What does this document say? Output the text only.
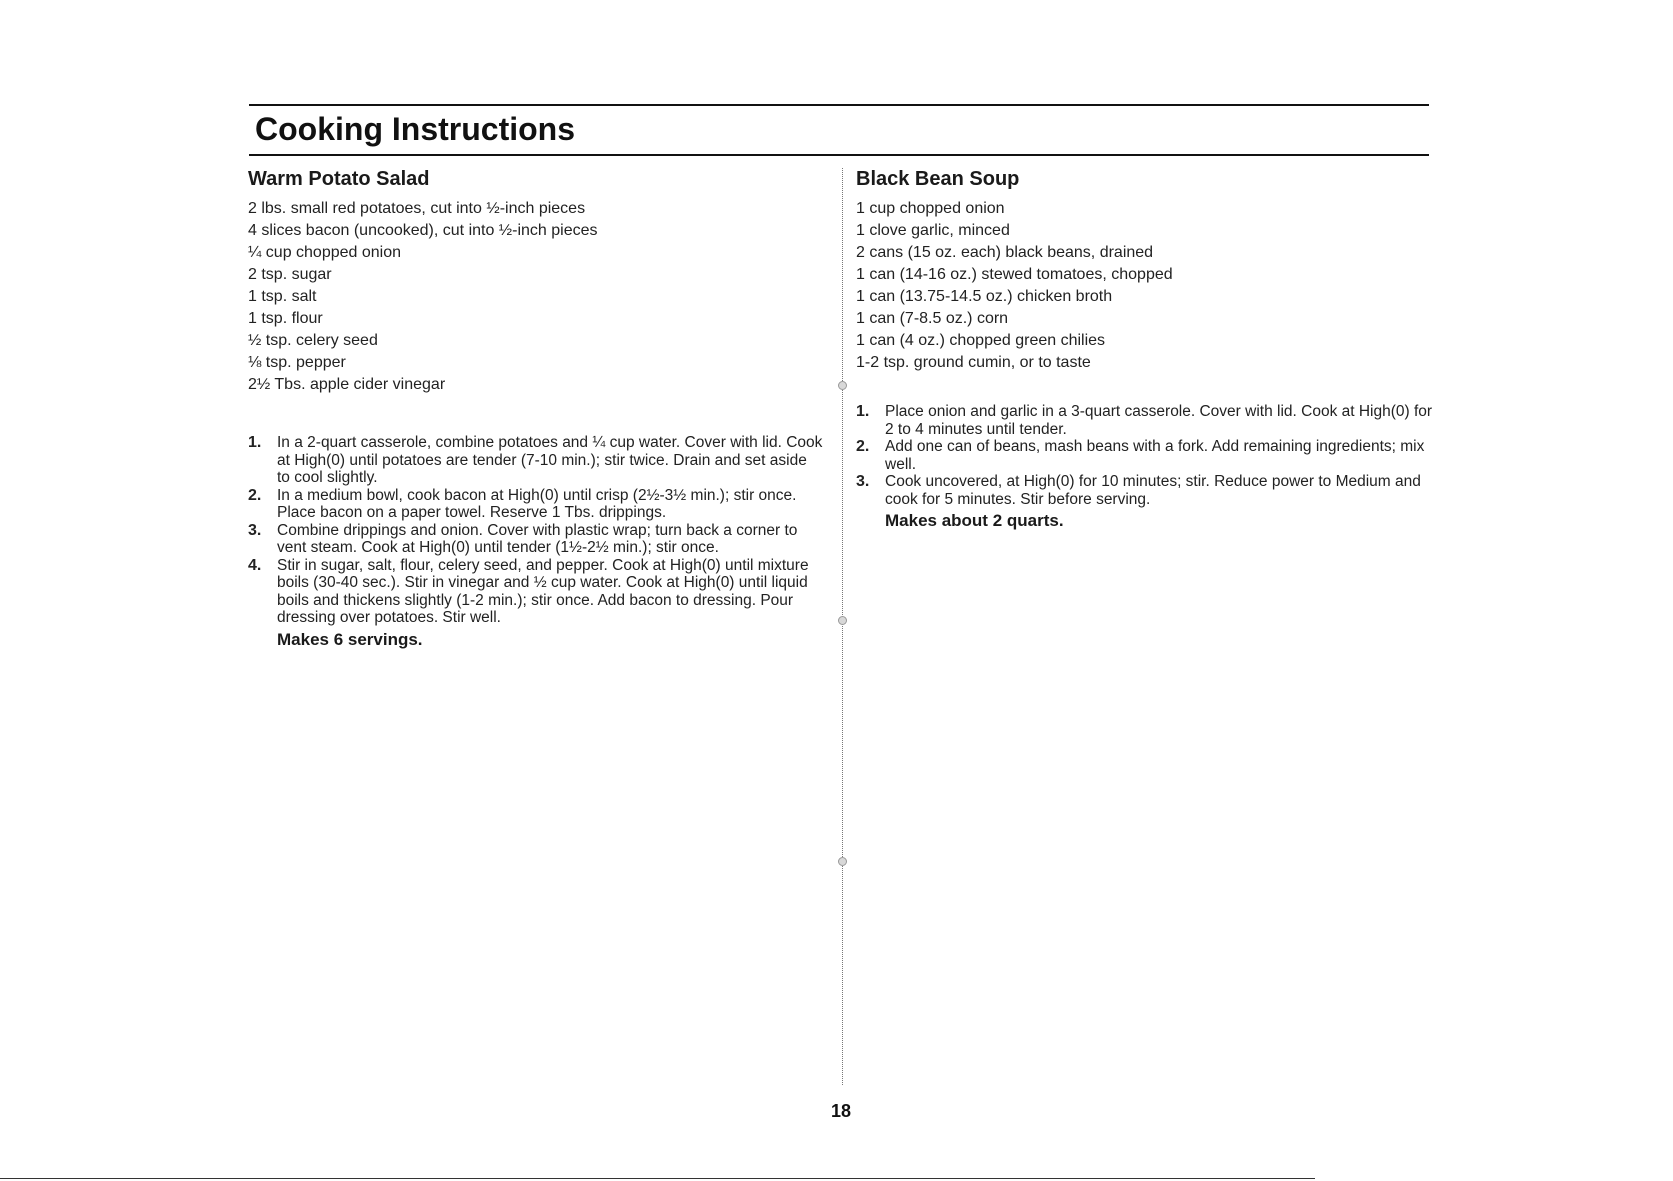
Cooking Instructions
Warm Potato Salad
2 lbs. small red potatoes, cut into ½-inch pieces
4 slices bacon (uncooked), cut into ½-inch pieces
¼ cup chopped onion
2 tsp. sugar
1 tsp. salt
1 tsp. flour
½ tsp. celery seed
⅛ tsp. pepper
2½ Tbs. apple cider vinegar
1. In a 2-quart casserole, combine potatoes and ¼ cup water. Cover with lid. Cook at High(0) until potatoes are tender (7-10 min.); stir twice. Drain and set aside to cool slightly.
2. In a medium bowl, cook bacon at High(0) until crisp (2½-3½ min.); stir once. Place bacon on a paper towel. Reserve 1 Tbs. drippings.
3. Combine drippings and onion. Cover with plastic wrap; turn back a corner to vent steam. Cook at High(0) until tender (1½-2½ min.); stir once.
4. Stir in sugar, salt, flour, celery seed, and pepper. Cook at High(0) until mixture boils (30-40 sec.). Stir in vinegar and ½ cup water. Cook at High(0) until liquid boils and thickens slightly (1-2 min.); stir once. Add bacon to dressing. Pour dressing over potatoes. Stir well.

Makes 6 servings.

Black Bean Soup
1 cup chopped onion
1 clove garlic, minced
2 cans (15 oz. each) black beans, drained
1 can (14-16 oz.) stewed tomatoes, chopped
1 can (13.75-14.5 oz.) chicken broth
1 can (7-8.5 oz.) corn
1 can (4 oz.) chopped green chilies
1-2 tsp. ground cumin, or to taste
1. Place onion and garlic in a 3-quart casserole. Cover with lid. Cook at High(0) for 2 to 4 minutes until tender.
2. Add one can of beans, mash beans with a fork. Add remaining ingredients; mix well.
3. Cook uncovered, at High(0) for 10 minutes; stir. Reduce power to Medium and cook for 5 minutes. Stir before serving.

Makes about 2 quarts.

18
